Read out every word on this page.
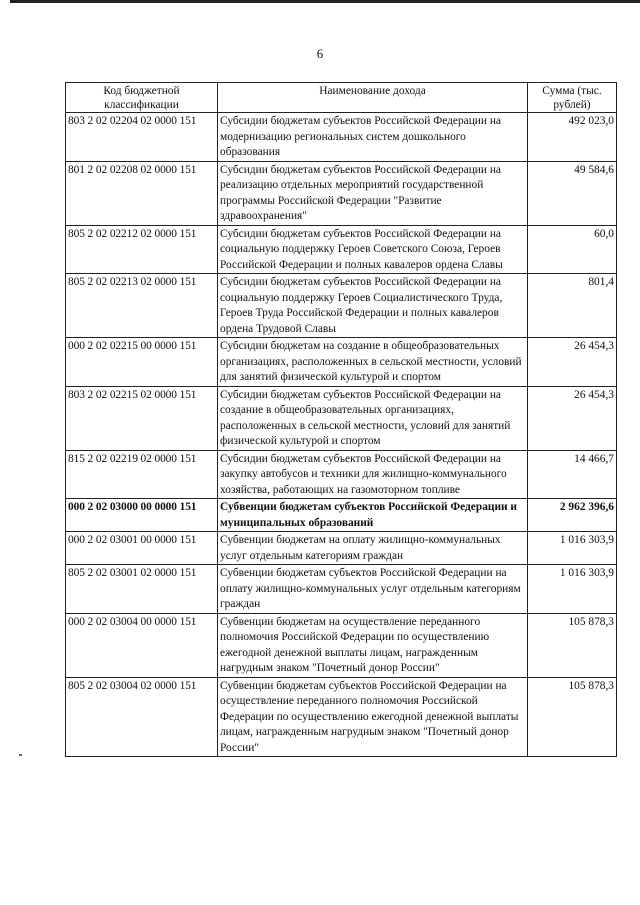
6
Код бюджетной классификации	Наименование дохода	Сумма (тыс. рублей)
803 2 02 02204 02 0000 151	Субсидии бюджетам субъектов Российской Федерации на модернизацию региональных систем дошкольного образования	492 023,0
801 2 02 02208 02 0000 151	Субсидии бюджетам субъектов Российской Федерации на реализацию отдельных мероприятий государственной программы Российской Федерации "Развитие здравоохранения"	49 584,6
805 2 02 02212 02 0000 151	Субсидии бюджетам субъектов Российской Федерации на социальную поддержку Героев Советского Союза, Героев Российской Федерации и полных кавалеров ордена Славы	60,0
805 2 02 02213 02 0000 151	Субсидии бюджетам субъектов Российской Федерации на социальную поддержку Героев Социалистического Труда, Героев Труда Российской Федерации и полных кавалеров ордена Трудовой Славы	801,4
000 2 02 02215 00 0000 151	Субсидии бюджетам на создание в общеобразовательных организациях, расположенных в сельской местности, условий для занятий физической культурой и спортом	26 454,3
803 2 02 02215 02 0000 151	Субсидии бюджетам субъектов Российской Федерации на создание в общеобразовательных организациях, расположенных в сельской местности, условий для занятий физической культурой и спортом	26 454,3
815 2 02 02219 02 0000 151	Субсидии бюджетам субъектов Российской Федерации на закупку автобусов и техники для жилищно-коммунального хозяйства, работающих на газомоторном топливе	14 466,7
000 2 02 03000 00 0000 151	Субвенции бюджетам субъектов Российской Федерации и муниципальных образований	2 962 396,6
000 2 02 03001 00 0000 151	Субвенции бюджетам на оплату жилищно-коммунальных услуг отдельным категориям граждан	1 016 303,9
805 2 02 03001 02 0000 151	Субвенции бюджетам субъектов Российской Федерации на оплату жилищно-коммунальных услуг отдельным категориям граждан	1 016 303,9
000 2 02 03004 00 0000 151	Субвенции бюджетам на осуществление переданного полномочия Российской Федерации по осуществлению ежегодной денежной выплаты лицам, награжденным нагрудным знаком "Почетный донор России"	105 878,3
805 2 02 03004 02 0000 151	Субвенции бюджетам субъектов Российской Федерации на осуществление переданного полномочия Российской Федерации по осуществлению ежегодной денежной выплаты лицам, награжденным нагрудным знаком "Почетный донор России"	105 878,3
